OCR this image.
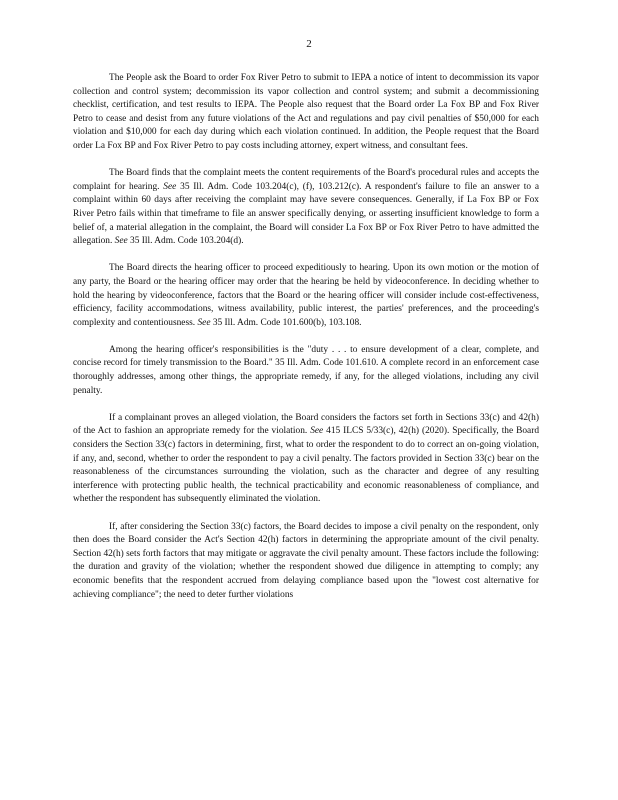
2

The People ask the Board to order Fox River Petro to submit to IEPA a notice of intent to decommission its vapor collection and control system; decommission its vapor collection and control system; and submit a decommissioning checklist, certification, and test results to IEPA. The People also request that the Board order La Fox BP and Fox River Petro to cease and desist from any future violations of the Act and regulations and pay civil penalties of $50,000 for each violation and $10,000 for each day during which each violation continued. In addition, the People request that the Board order La Fox BP and Fox River Petro to pay costs including attorney, expert witness, and consultant fees.

The Board finds that the complaint meets the content requirements of the Board's procedural rules and accepts the complaint for hearing. See 35 Ill. Adm. Code 103.204(c), (f), 103.212(c). A respondent's failure to file an answer to a complaint within 60 days after receiving the complaint may have severe consequences. Generally, if La Fox BP or Fox River Petro fails within that timeframe to file an answer specifically denying, or asserting insufficient knowledge to form a belief of, a material allegation in the complaint, the Board will consider La Fox BP or Fox River Petro to have admitted the allegation. See 35 Ill. Adm. Code 103.204(d).

The Board directs the hearing officer to proceed expeditiously to hearing. Upon its own motion or the motion of any party, the Board or the hearing officer may order that the hearing be held by videoconference. In deciding whether to hold the hearing by videoconference, factors that the Board or the hearing officer will consider include cost-effectiveness, efficiency, facility accommodations, witness availability, public interest, the parties' preferences, and the proceeding's complexity and contentiousness. See 35 Ill. Adm. Code 101.600(b), 103.108.

Among the hearing officer's responsibilities is the "duty . . . to ensure development of a clear, complete, and concise record for timely transmission to the Board." 35 Ill. Adm. Code 101.610. A complete record in an enforcement case thoroughly addresses, among other things, the appropriate remedy, if any, for the alleged violations, including any civil penalty.

If a complainant proves an alleged violation, the Board considers the factors set forth in Sections 33(c) and 42(h) of the Act to fashion an appropriate remedy for the violation. See 415 ILCS 5/33(c), 42(h) (2020). Specifically, the Board considers the Section 33(c) factors in determining, first, what to order the respondent to do to correct an on-going violation, if any, and, second, whether to order the respondent to pay a civil penalty. The factors provided in Section 33(c) bear on the reasonableness of the circumstances surrounding the violation, such as the character and degree of any resulting interference with protecting public health, the technical practicability and economic reasonableness of compliance, and whether the respondent has subsequently eliminated the violation.

If, after considering the Section 33(c) factors, the Board decides to impose a civil penalty on the respondent, only then does the Board consider the Act's Section 42(h) factors in determining the appropriate amount of the civil penalty. Section 42(h) sets forth factors that may mitigate or aggravate the civil penalty amount. These factors include the following: the duration and gravity of the violation; whether the respondent showed due diligence in attempting to comply; any economic benefits that the respondent accrued from delaying compliance based upon the "lowest cost alternative for achieving compliance"; the need to deter further violations
